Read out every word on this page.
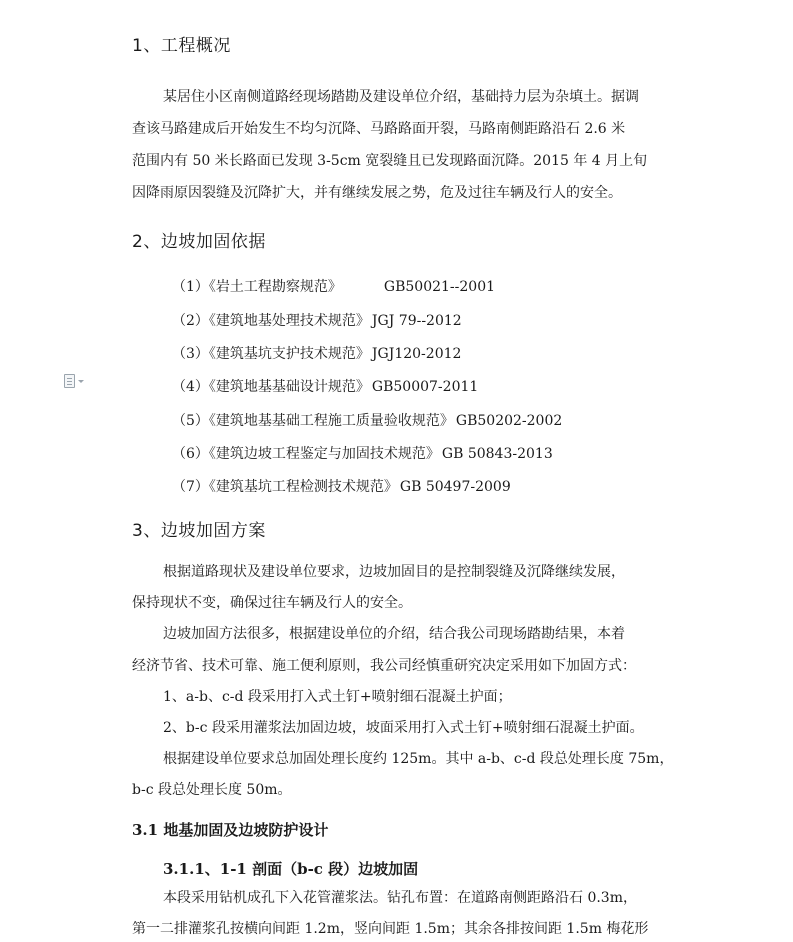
1、工程概况
某居住小区南侧道路经现场踏勘及建设单位介绍，基础持力层为杂填土。据调
查该马路建成后开始发生不均匀沉降、马路路面开裂，马路南侧距路沿石 2.6 米
范围内有 50 米长路面已发现 3-5cm 宽裂缝且已发现路面沉降。2015 年 4 月上旬
因降雨原因裂缝及沉降扩大，并有继续发展之势，危及过往车辆及行人的安全。
2、边坡加固依据
（1）《岩土工程勘察规范》	GB50021--2001
（2）《建筑地基处理技术规范》 JGJ 79--2012
（3）《建筑基坑支护技术规范》 JGJ120-2012
（4）《建筑地基基础设计规范》 GB50007-2011
（5）《建筑地基基础工程施工质量验收规范》 GB50202-2002
（6）《建筑边坡工程鉴定与加固技术规范》 GB 50843-2013
（7）《建筑基坑工程检测技术规范》 GB 50497-2009
3、边坡加固方案
根据道路现状及建设单位要求，边坡加固目的是控制裂缝及沉降继续发展，
保持现状不变，确保过往车辆及行人的安全。
边坡加固方法很多，根据建设单位的介绍，结合我公司现场踏勘结果，本着
经济节省、技术可靠、施工便利原则，我公司经慎重研究决定采用如下加固方式：
1、a-b、c-d 段采用打入式土钉+喷射细石混凝土护面；
2、b-c 段采用灌浆法加固边坡，坡面采用打入式土钉+喷射细石混凝土护面。
根据建设单位要求总加固处理长度约 125m。其中 a-b、c-d 段总处理长度 75m，
b-c 段总处理长度 50m。
3.1 地基加固及边坡防护设计
3.1.1、1-1 剖面（b-c 段）边坡加固
本段采用钻机成孔下入花管灌浆法。钻孔布置：在道路南侧距路沿石 0.3m，
第一二排灌浆孔按横向间距 1.2m，竖向间距 1.5m；其余各排按间距 1.5m 梅花形
